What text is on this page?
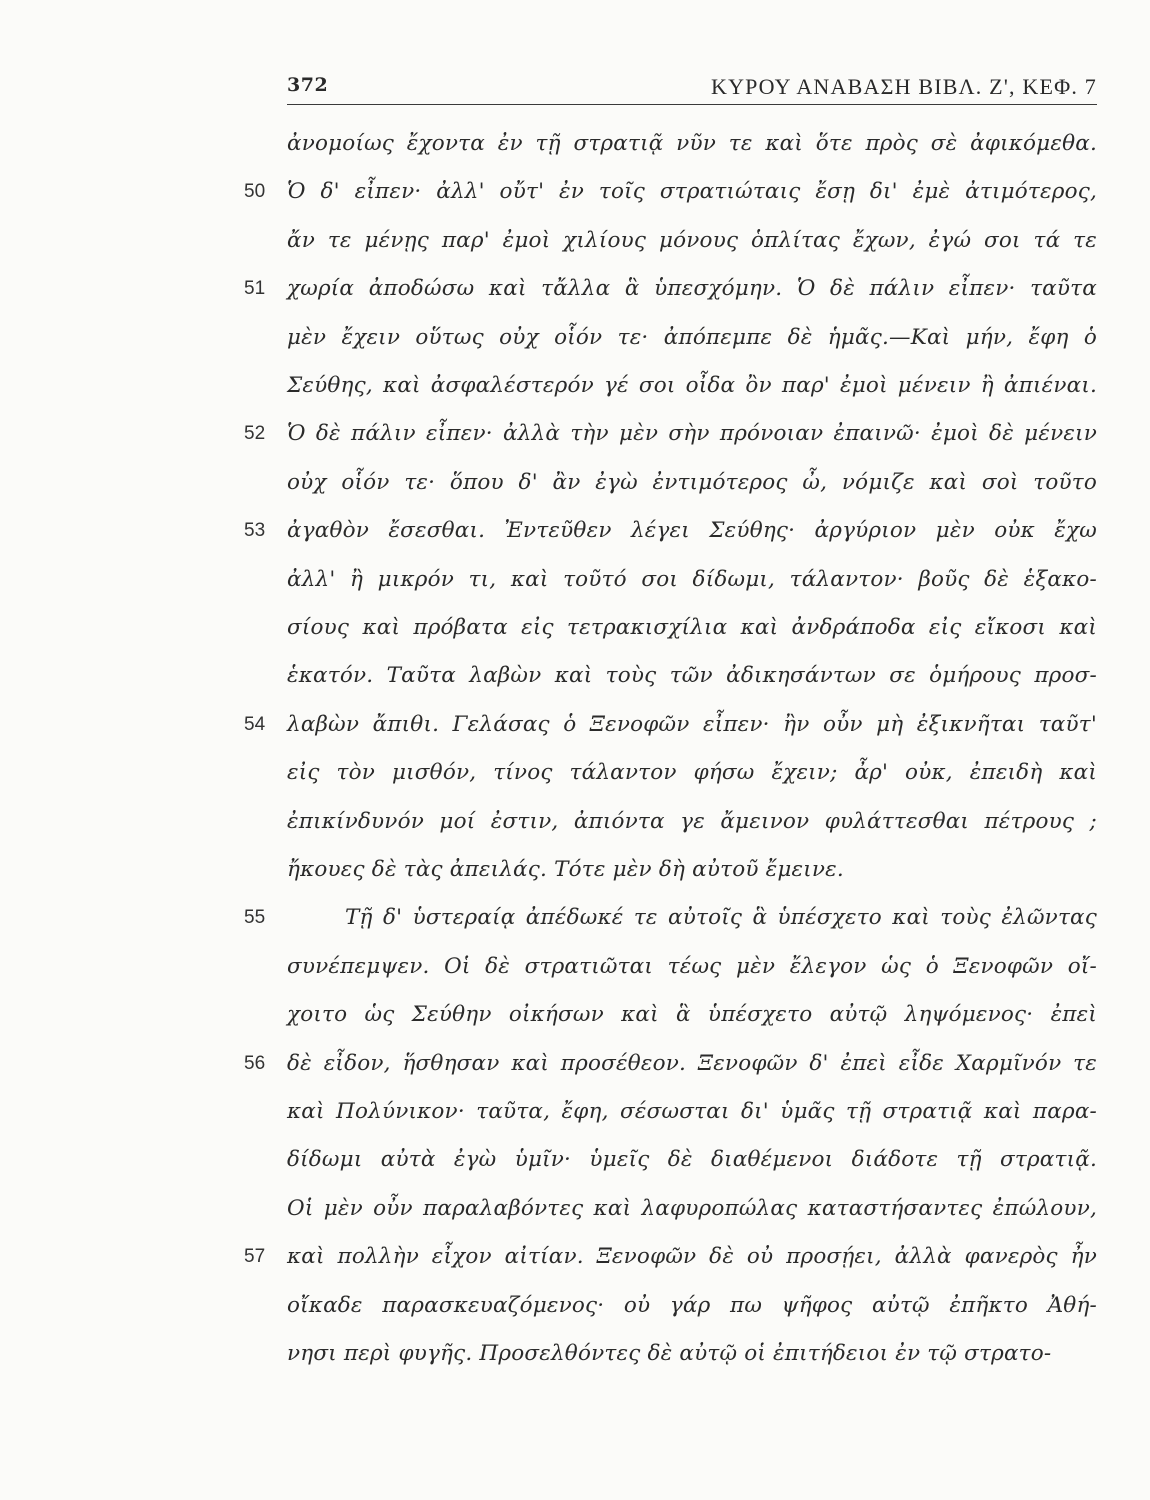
372	ΚΥΡΟΥ ΑΝΑΒΑΣΗ ΒΙΒΛ. Ζ', ΚΕΦ. 7
ἀνομοίως ἔχοντα ἐν τῇ στρατιᾷ νῦν τε καὶ ὅτε πρὸς σὲ ἀφικόμεθα.
Ὁ δ' εἶπεν· ἀλλ' οὔτ' ἐν τοῖς στρατιώταις ἔσῃ δι' ἐμὲ ἀτιμότερος,
ἄν τε μένῃς παρ' ἐμοὶ χιλίους μόνους ὁπλίτας ἔχων, ἐγώ σοι τά τε
χωρία ἀποδώσω καὶ τἄλλα ἃ ὑπεσχόμην. Ὁ δὲ πάλιν εἶπεν· ταῦτα
μὲν ἔχειν οὕτως οὐχ οἷόν τε· ἀπόπεμπε δὲ ἡμᾶς.—Καὶ μήν, ἔφη ὁ
Σεύθης, καὶ ἀσφαλέστερόν γέ σοι οἶδα ὂν παρ' ἐμοὶ μένειν ἢ ἀπιέναι.
Ὁ δὲ πάλιν εἶπεν· ἀλλὰ τὴν μὲν σὴν πρόνοιαν ἐπαινῶ· ἐμοὶ δὲ μένειν
οὐχ οἷόν τε· ὅπου δ' ἂν ἐγὼ ἐντιμότερος ὦ, νόμιζε καὶ σοὶ τοῦτο
ἀγαθὸν ἔσεσθαι. Ἐντεῦθεν λέγει Σεύθης· ἀργύριον μὲν οὐκ ἔχω
ἀλλ' ἢ μικρόν τι, καὶ τοῦτό σοι δίδωμι, τάλαντον· βοῦς δὲ ἑξακο-
σίους καὶ πρόβατα εἰς τετρακισχίλια καὶ ἀνδράποδα εἰς εἴκοσι καὶ
ἑκατόν. Ταῦτα λαβὼν καὶ τοὺς τῶν ἀδικησάντων σε ὁμήρους προσ-
λαβὼν ἄπιθι. Γελάσας ὁ Ξενοφῶν εἶπεν· ἢν οὖν μὴ ἐξικνῆται ταῦτ'
εἰς τὸν μισθόν, τίνος τάλαντον φήσω ἔχειν; ἆρ' οὐκ, ἐπειδὴ καὶ
ἐπικίνδυνόν μοί ἐστιν, ἀπιόντα γε ἄμεινον φυλάττεσθαι πέτρους ;
ἤκουες δὲ τὰς ἀπειλάς. Τότε μὲν δὴ αὐτοῦ ἔμεινε.
Τῇ δ' ὑστεραίᾳ ἀπέδωκέ τε αὐτοῖς ἃ ὑπέσχετο καὶ τοὺς ἐλῶντας
συνέπεμψεν. Οἱ δὲ στρατιῶται τέως μὲν ἔλεγον ὡς ὁ Ξενοφῶν οἴ-
χοιτο ὡς Σεύθην οἰκήσων καὶ ἃ ὑπέσχετο αὐτῷ ληψόμενος· ἐπεὶ
δὲ εἶδον, ἥσθησαν καὶ προσέθεον. Ξενοφῶν δ' ἐπεὶ εἶδε Χαρμῖνόν τε
καὶ Πολύνικον· ταῦτα, ἔφη, σέσωσται δι' ὑμᾶς τῇ στρατιᾷ καὶ παρα-
δίδωμι αὐτὰ ἐγὼ ὑμῖν· ὑμεῖς δὲ διαθέμενοι διάδοτε τῇ στρατιᾷ.
Οἱ μὲν οὖν παραλαβόντες καὶ λαφυροπώλας καταστήσαντες ἐπώλουν,
καὶ πολλὴν εἶχον αἰτίαν. Ξενοφῶν δὲ οὐ προσῄει, ἀλλὰ φανερὸς ἦν
οἴκαδε παρασκευαζόμενος· οὐ γάρ πω ψῆφος αὐτῷ ἐπῆκτο Ἀθή-
νησι περὶ φυγῆς. Προσελθόντες δὲ αὐτῷ οἱ ἐπιτήδειοι ἐν τῷ στρατο-
50
51
52
53
54
55
56
57
